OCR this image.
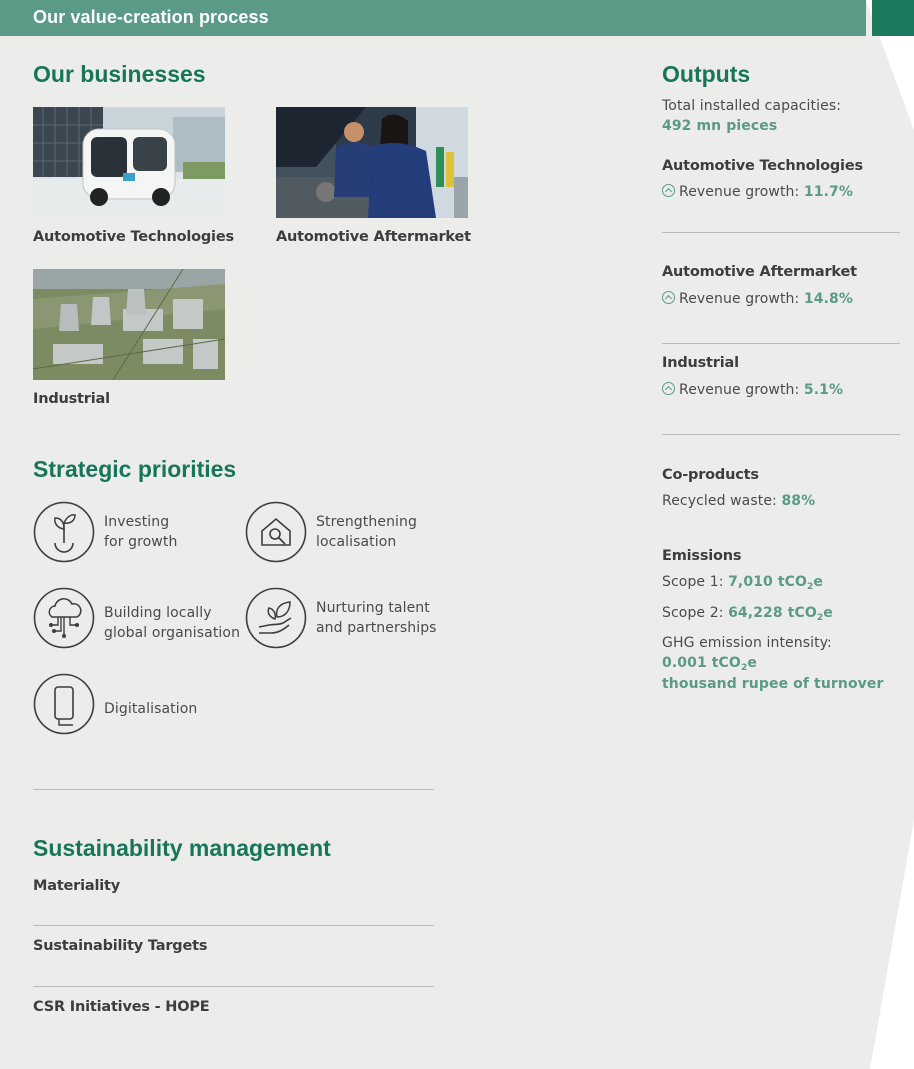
Our value-creation process
Our businesses
Automotive Technologies	Automotive Aftermarket
Industrial
Strategic priorities
Investing
for growth
Strengthening
localisation
Building locally
global organisation
Nurturing talent
and partnerships
Digitalisation
Sustainability management
Materiality
Sustainability Targets
CSR Initiatives - HOPE
Outputs
Total installed capacities:
492 mn pieces
Automotive Technologies
Revenue growth: 11.7%
Automotive Aftermarket
Revenue growth: 14.8%
Industrial
Revenue growth: 5.1%
Co-products
Recycled waste: 88%
Emissions
Scope 1: 7,010 tCO$_2$e
Scope 2: 64,228 tCO$_2$e
GHG emission intensity:
0.001 tCO$_2$e
thousand rupee of turnover
